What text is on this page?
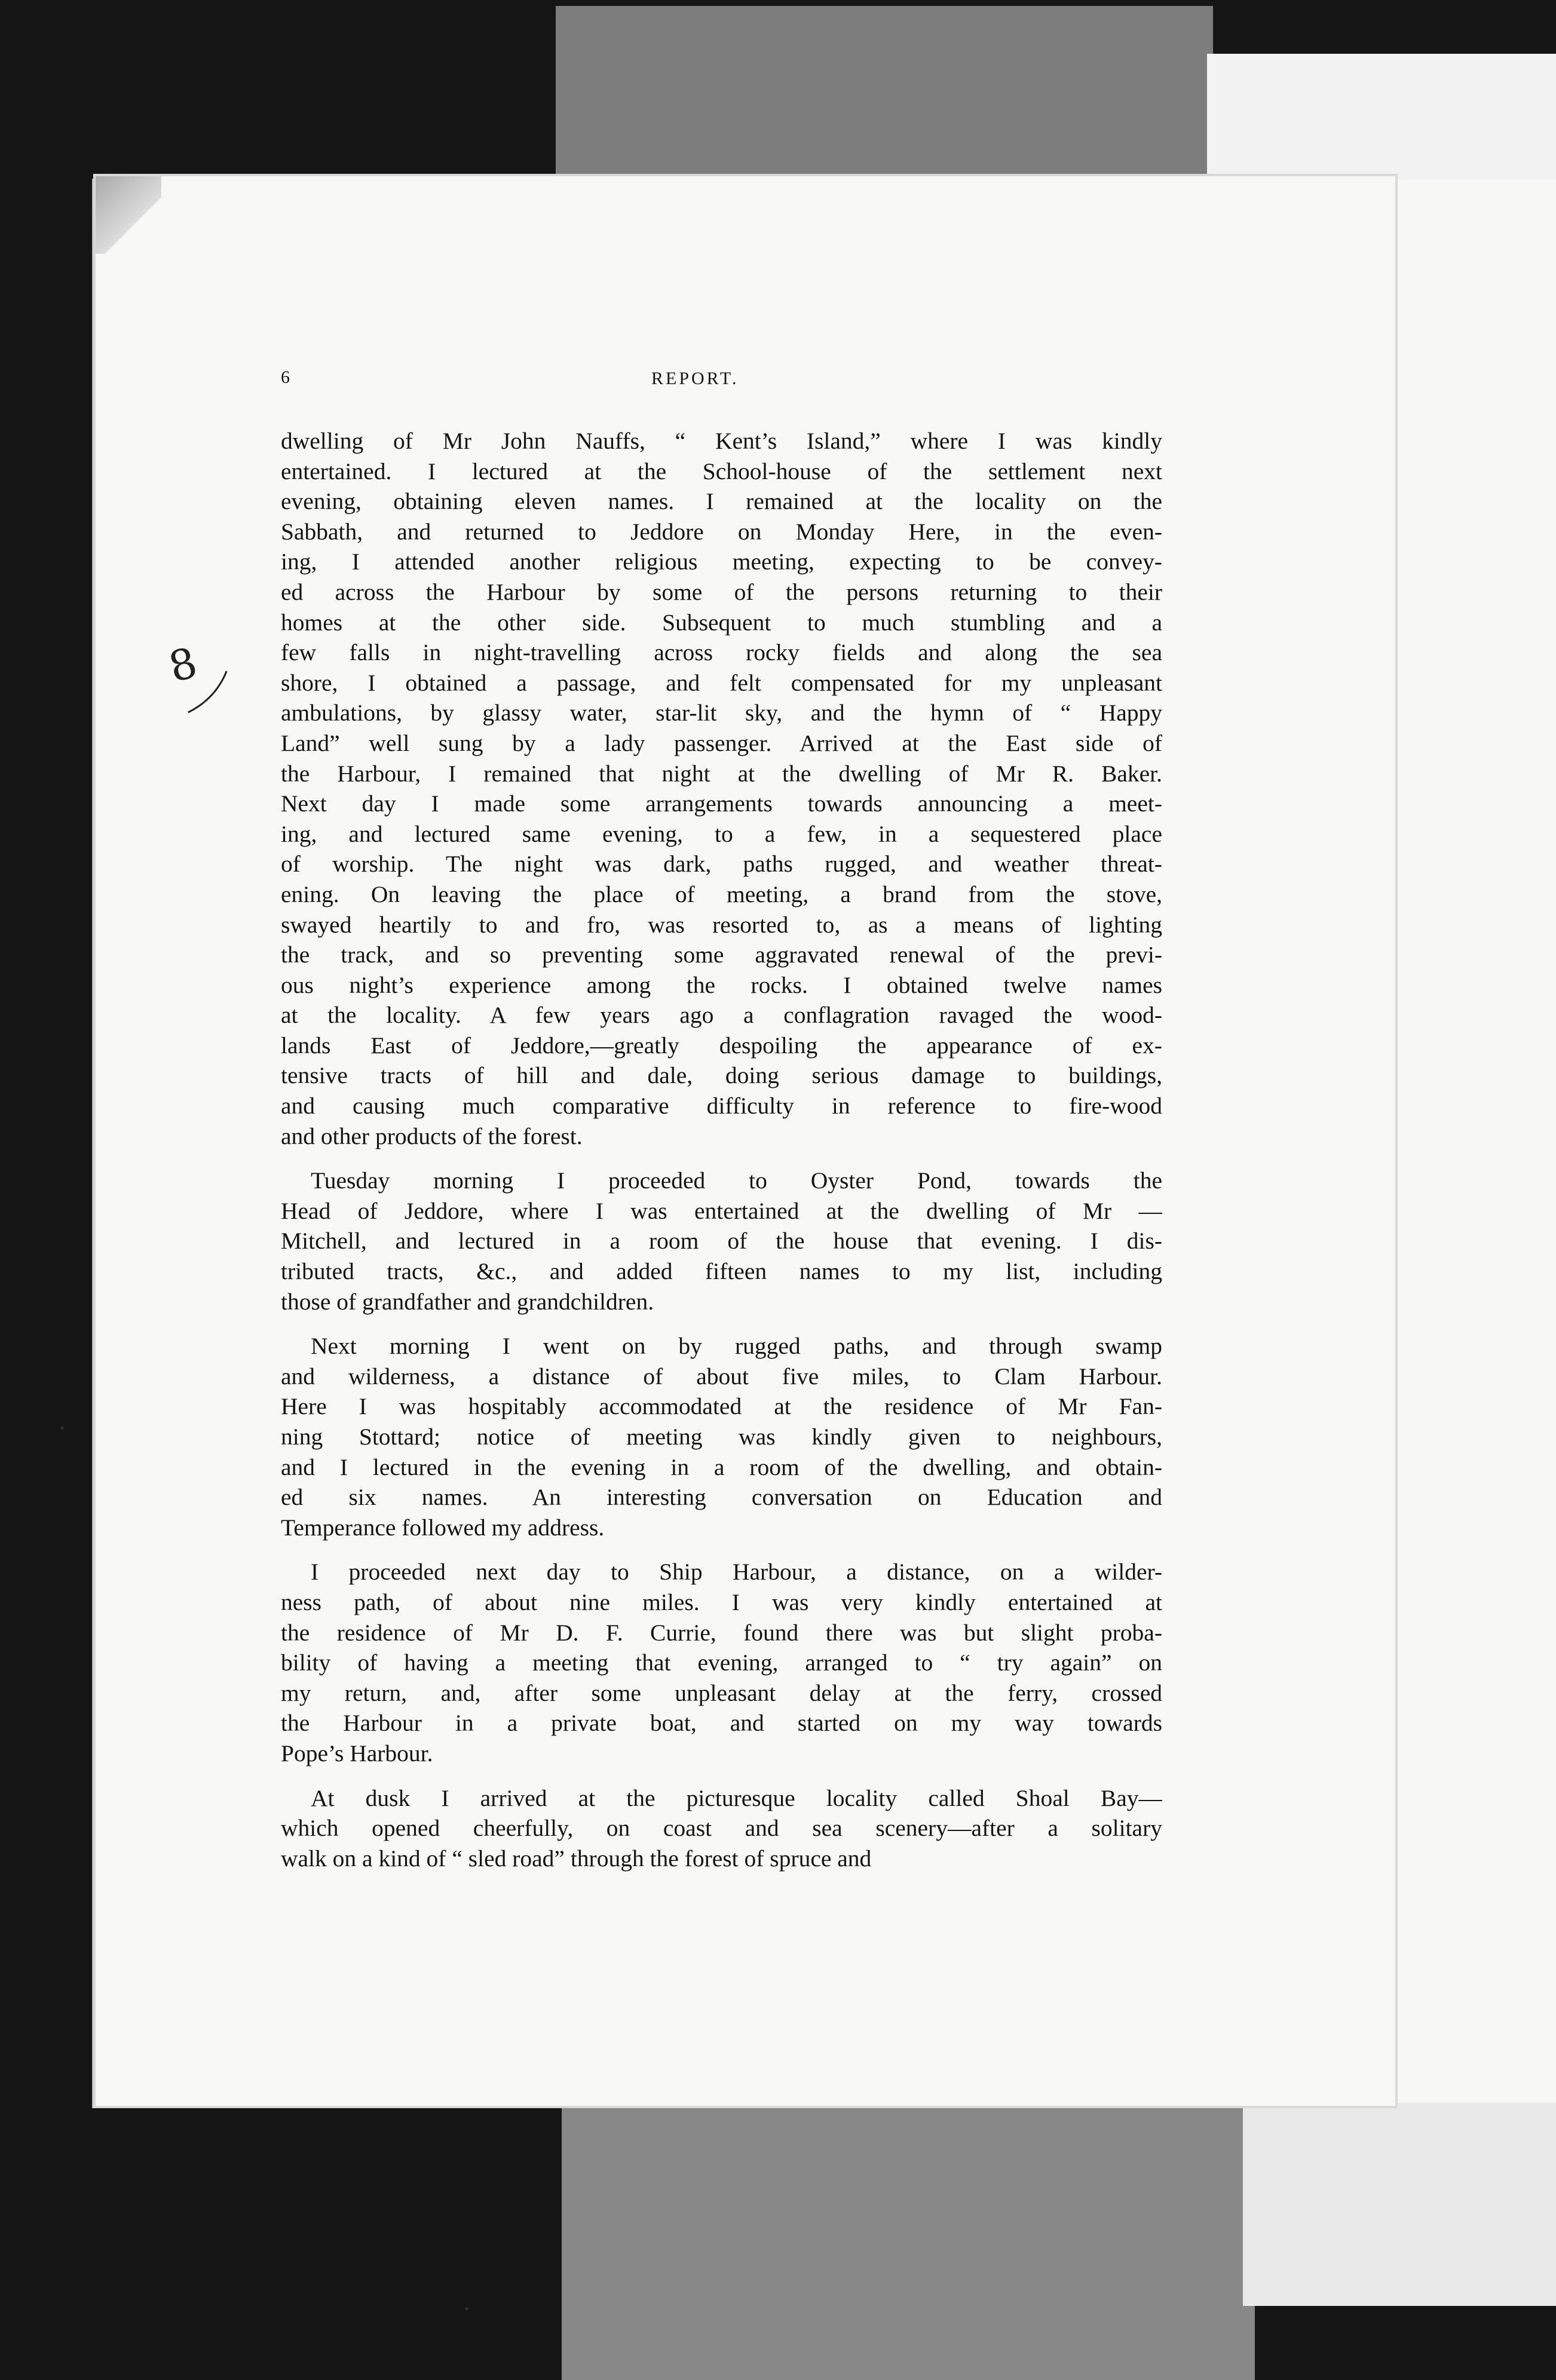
8
6	REPORT.
dwelling of Mr John Nauffs, “ Kent’s Island,” where I was kindly
entertained. I lectured at the School-house of the settlement next
evening, obtaining eleven names. I remained at the locality on the
Sabbath, and returned to Jeddore on Monday Here, in the even-
ing, I attended another religious meeting, expecting to be convey-
ed across the Harbour by some of the persons returning to their
homes at the other side. Subsequent to much stumbling and a
few falls in night-travelling across rocky fields and along the sea
shore, I obtained a passage, and felt compensated for my unpleasant
ambulations, by glassy water, star-lit sky, and the hymn of “ Happy
Land” well sung by a lady passenger. Arrived at the East side of
the Harbour, I remained that night at the dwelling of Mr R. Baker.
Next day I made some arrangements towards announcing a meet-
ing, and lectured same evening, to a few, in a sequestered place
of worship. The night was dark, paths rugged, and weather threat-
ening. On leaving the place of meeting, a brand from the stove,
swayed heartily to and fro, was resorted to, as a means of lighting
the track, and so preventing some aggravated renewal of the previ-
ous night’s experience among the rocks. I obtained twelve names
at the locality. A few years ago a conflagration ravaged the wood-
lands East of Jeddore,—greatly despoiling the appearance of ex-
tensive tracts of hill and dale, doing serious damage to buildings,
and causing much comparative difficulty in reference to fire-wood
and other products of the forest.
Tuesday morning I proceeded to Oyster Pond, towards the
Head of Jeddore, where I was entertained at the dwelling of Mr —
Mitchell, and lectured in a room of the house that evening. I dis-
tributed tracts, &c., and added fifteen names to my list, including
those of grandfather and grandchildren.
Next morning I went on by rugged paths, and through swamp
and wilderness, a distance of about five miles, to Clam Harbour.
Here I was hospitably accommodated at the residence of Mr Fan-
ning Stottard; notice of meeting was kindly given to neighbours,
and I lectured in the evening in a room of the dwelling, and obtain-
ed six names. An interesting conversation on Education and
Temperance followed my address.
I proceeded next day to Ship Harbour, a distance, on a wilder-
ness path, of about nine miles. I was very kindly entertained at
the residence of Mr D. F. Currie, found there was but slight proba-
bility of having a meeting that evening, arranged to “ try again” on
my return, and, after some unpleasant delay at the ferry, crossed
the Harbour in a private boat, and started on my way towards
Pope’s Harbour.
At dusk I arrived at the picturesque locality called Shoal Bay—
which opened cheerfully, on coast and sea scenery—after a solitary
walk on a kind of “ sled road” through the forest of spruce and
